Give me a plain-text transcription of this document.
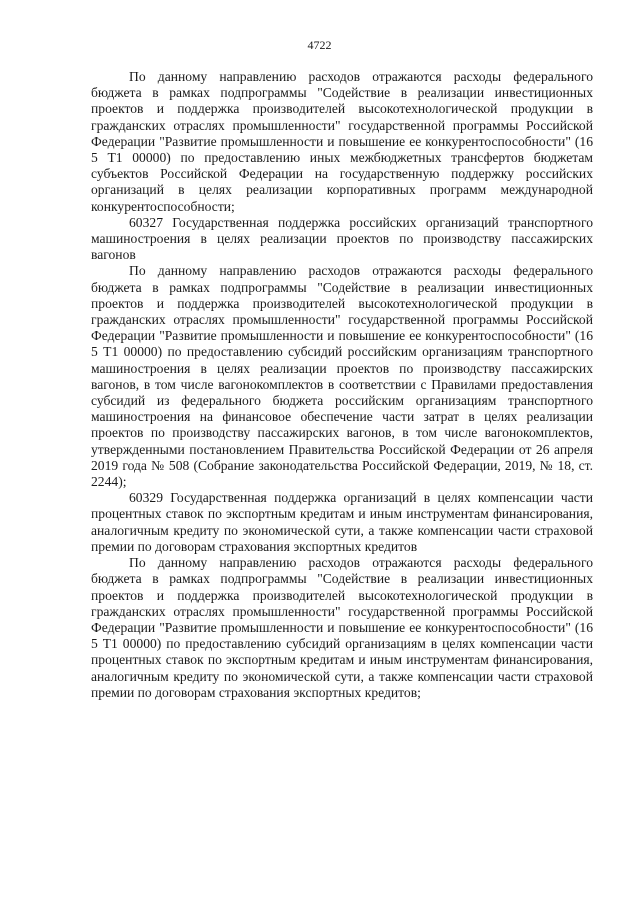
4722

По данному направлению расходов отражаются расходы федерального бюджета в рамках подпрограммы "Содействие в реализации инвестиционных проектов и поддержка производителей высокотехнологической продукции в гражданских отраслях промышленности" государственной программы Российской Федерации "Развитие промышленности и повышение ее конкурентоспособности" (16 5 Т1 00000) по предоставлению иных межбюджетных трансфертов бюджетам субъектов Российской Федерации на государственную поддержку российских организаций в целях реализации корпоративных программ международной конкурентоспособности;

60327 Государственная поддержка российских организаций транспортного машиностроения в целях реализации проектов по производству пассажирских вагонов

По данному направлению расходов отражаются расходы федерального бюджета в рамках подпрограммы "Содействие в реализации инвестиционных проектов и поддержка производителей высокотехнологической продукции в гражданских отраслях промышленности" государственной программы Российской Федерации "Развитие промышленности и повышение ее конкурентоспособности" (16 5 Т1 00000) по предоставлению субсидий российским организациям транспортного машиностроения в целях реализации проектов по производству пассажирских вагонов, в том числе вагонокомплектов в соответствии с Правилами предоставления субсидий из федерального бюджета российским организациям транспортного машиностроения на финансовое обеспечение части затрат в целях реализации проектов по производству пассажирских вагонов, в том числе вагонокомплектов, утвержденными постановлением Правительства Российской Федерации от 26 апреля 2019 года № 508 (Собрание законодательства Российской Федерации, 2019, № 18, ст. 2244);

60329 Государственная поддержка организаций в целях компенсации части процентных ставок по экспортным кредитам и иным инструментам финансирования, аналогичным кредиту по экономической сути, а также компенсации части страховой премии по договорам страхования экспортных кредитов

По данному направлению расходов отражаются расходы федерального бюджета в рамках подпрограммы "Содействие в реализации инвестиционных проектов и поддержка производителей высокотехнологической продукции в гражданских отраслях промышленности" государственной программы Российской Федерации "Развитие промышленности и повышение ее конкурентоспособности" (16 5 Т1 00000) по предоставлению субсидий организациям в целях компенсации части процентных ставок по экспортным кредитам и иным инструментам финансирования, аналогичным кредиту по экономической сути, а также компенсации части страховой премии по договорам страхования экспортных кредитов;
